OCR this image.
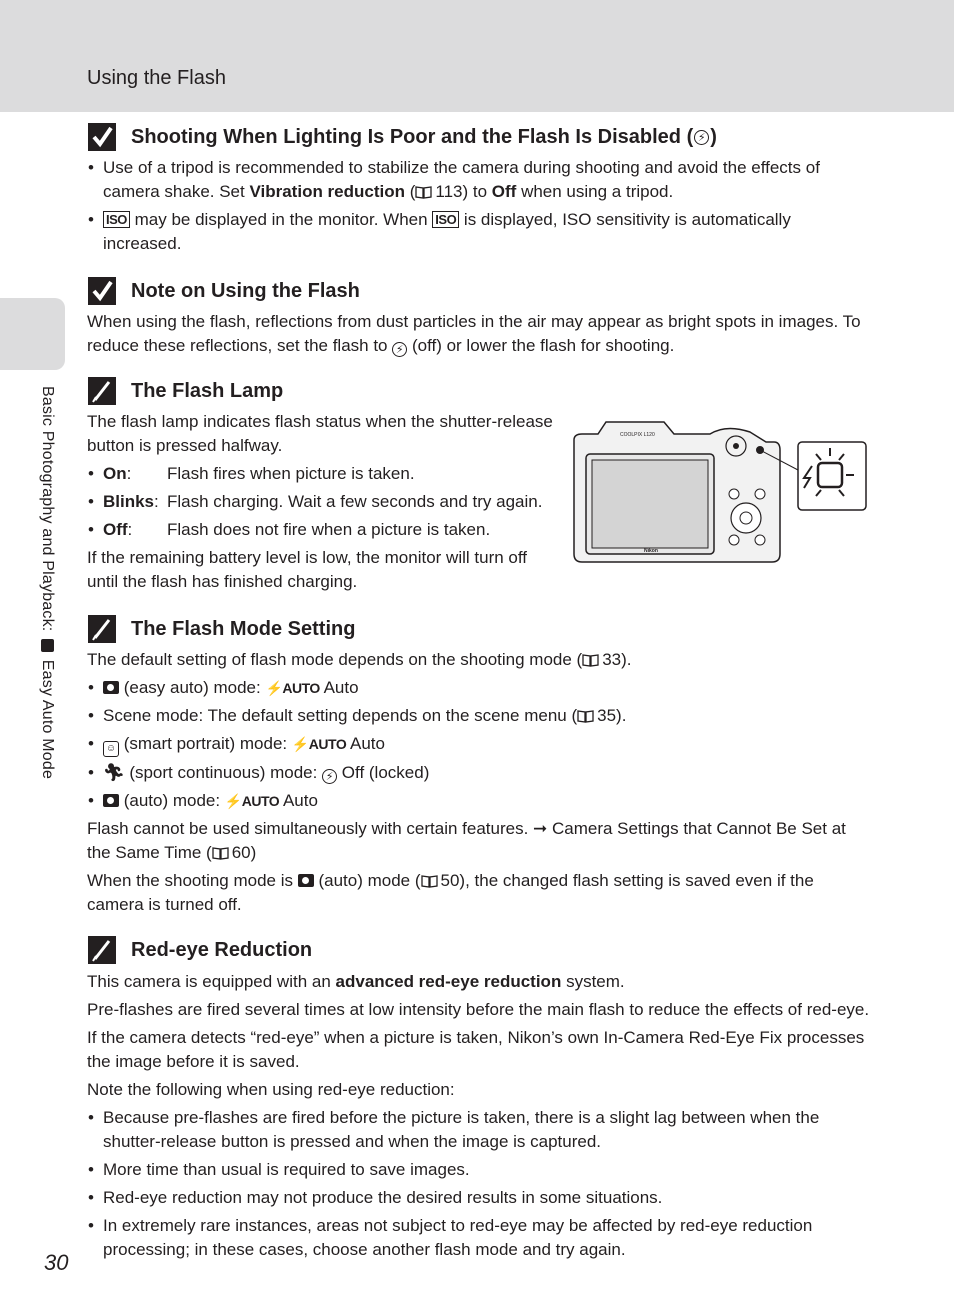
Using the Flash
Basic Photography and Playback:  Easy Auto Mode
Shooting When Lighting Is Poor and the Flash Is Disabled ( ⚡ )
• Use of a tripod is recommended to stabilize the camera during shooting and avoid the effects of camera shake. Set Vibration reduction ( 113) to Off when using a tripod.
• ISO may be displayed in the monitor. When ISO is displayed, ISO sensitivity is automatically increased.
Note on Using the Flash

When using the flash, reflections from dust particles in the air may appear as bright spots in images. To reduce these reflections, set the flash to ⚡ (off) or lower the flash for shooting.

The Flash Lamp

The flash lamp indicates flash status when the shutter-release button is pressed halfway.

• On:	Flash fires when picture is taken.
• Blinks: Flash charging. Wait a few seconds and try again.
• Off:	Flash does not fire when a picture is taken.

If the remaining battery level is low, the monitor will turn off until the flash has finished charging.

COOLPIX L120
Nikon
The Flash Mode Setting

The default setting of flash mode depends on the shooting mode ( 33).

• (easy auto) mode: ⚡AUTO Auto
• Scene mode: The default setting depends on the scene menu ( 35).
• ☺ (smart portrait) mode: ⚡AUTO Auto
• 🏃︎ (sport continuous) mode: ⚡ Off (locked)
• (auto) mode: ⚡AUTO Auto

Flash cannot be used simultaneously with certain features. ➞ Camera Settings that Cannot Be Set at the Same Time ( 60)

When the shooting mode is  (auto) mode ( 50), the changed flash setting is saved even if the camera is turned off.

Red-eye Reduction

This camera is equipped with an advanced red-eye reduction system.

Pre-flashes are fired several times at low intensity before the main flash to reduce the effects of red-eye.

If the camera detects “red-eye” when a picture is taken, Nikon’s own In-Camera Red-Eye Fix processes the image before it is saved.

Note the following when using red-eye reduction:

• Because pre-flashes are fired before the picture is taken, there is a slight lag between when the shutter-release button is pressed and when the image is captured.
• More time than usual is required to save images.
• Red-eye reduction may not produce the desired results in some situations.
• In extremely rare instances, areas not subject to red-eye may be affected by red-eye reduction processing; in these cases, choose another flash mode and try again.
30
